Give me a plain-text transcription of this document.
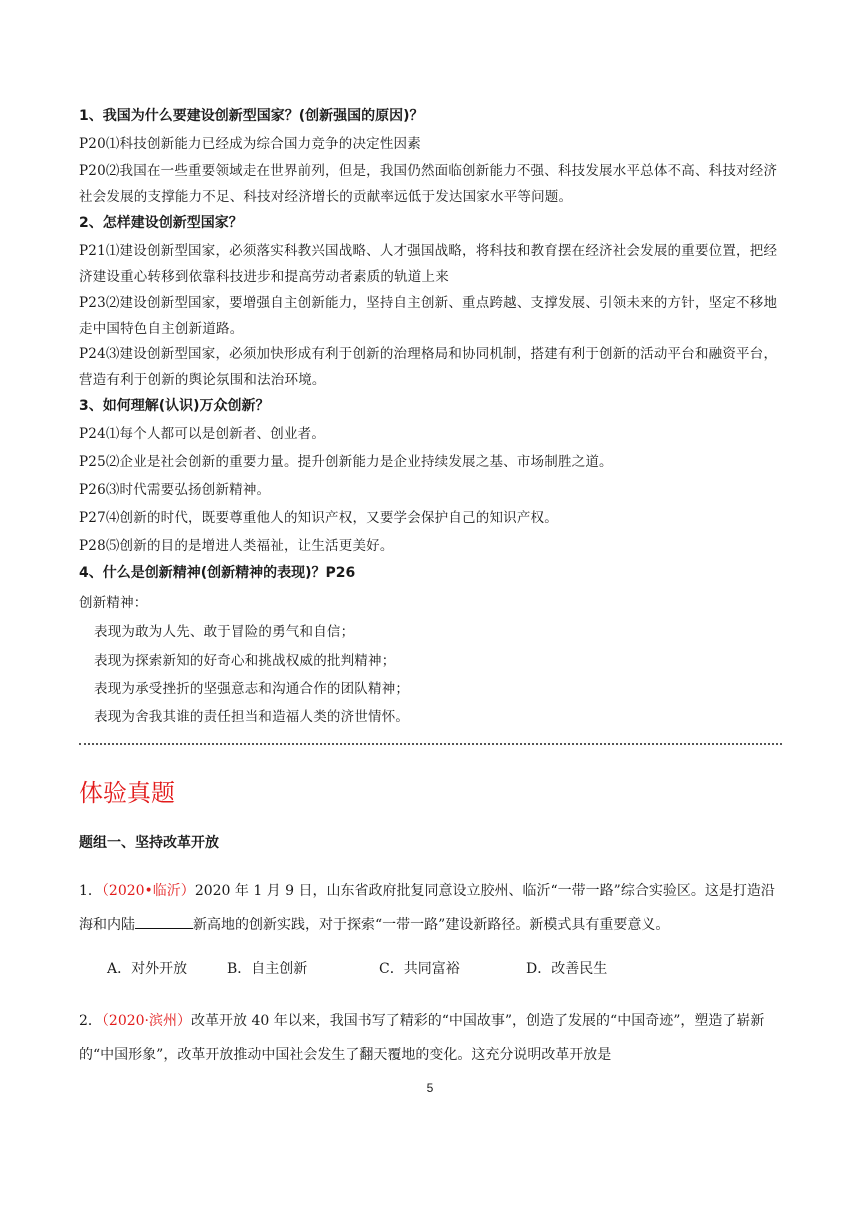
1、我国为什么要建设创新型国家？(创新强国的原因)？
P20⑴科技创新能力已经成为综合国力竞争的决定性因素
P20⑵我国在一些重要领域走在世界前列，但是，我国仍然面临创新能力不强、科技发展水平总体不高、科技对经济社会发展的支撑能力不足、科技对经济增长的贡献率远低于发达国家水平等问题。
2、怎样建设创新型国家？
P21⑴建设创新型国家，必须落实科教兴国战略、人才强国战略，将科技和教育摆在经济社会发展的重要位置，把经济建设重心转移到依靠科技进步和提高劳动者素质的轨道上来
P23⑵建设创新型国家，要增强自主创新能力，坚持自主创新、重点跨越、支撑发展、引领未来的方针，坚定不移地走中国特色自主创新道路。
P24⑶建设创新型国家，必须加快形成有利于创新的治理格局和协同机制，搭建有利于创新的活动平台和融资平台，营造有利于创新的舆论氛围和法治环境。
3、如何理解(认识)万众创新？
P24⑴每个人都可以是创新者、创业者。
P25⑵企业是社会创新的重要力量。提升创新能力是企业持续发展之基、市场制胜之道。
P26⑶时代需要弘扬创新精神。
P27⑷创新的时代，既要尊重他人的知识产权，又要学会保护自己的知识产权。
P28⑸创新的目的是增进人类福祉，让生活更美好。
4、什么是创新精神(创新精神的表现)？P26
创新精神：
表现为敢为人先、敢于冒险的勇气和自信；
表现为探索新知的好奇心和挑战权威的批判精神；
表现为承受挫折的坚强意志和沟通合作的团队精神；
表现为舍我其谁的责任担当和造福人类的济世情怀。
体验真题
题组一、坚持改革开放
1．（2020•临沂）2020 年 1 月 9 日，山东省政府批复同意设立胶州、临沂“一带一路”综合实验区。这是打造沿海和内陆	新高地的创新实践，对于探索“一带一路”建设新路径。新模式具有重要意义。
A．对外开放	B．自主创新	C．共同富裕	D．改善民生
2．（2020·滨州）改革开放 40 年以来，我国书写了精彩的“中国故事”，创造了发展的“中国奇迹”，塑造了崭新的“中国形象”，改革开放推动中国社会发生了翻天覆地的变化。这充分说明改革开放是
5
